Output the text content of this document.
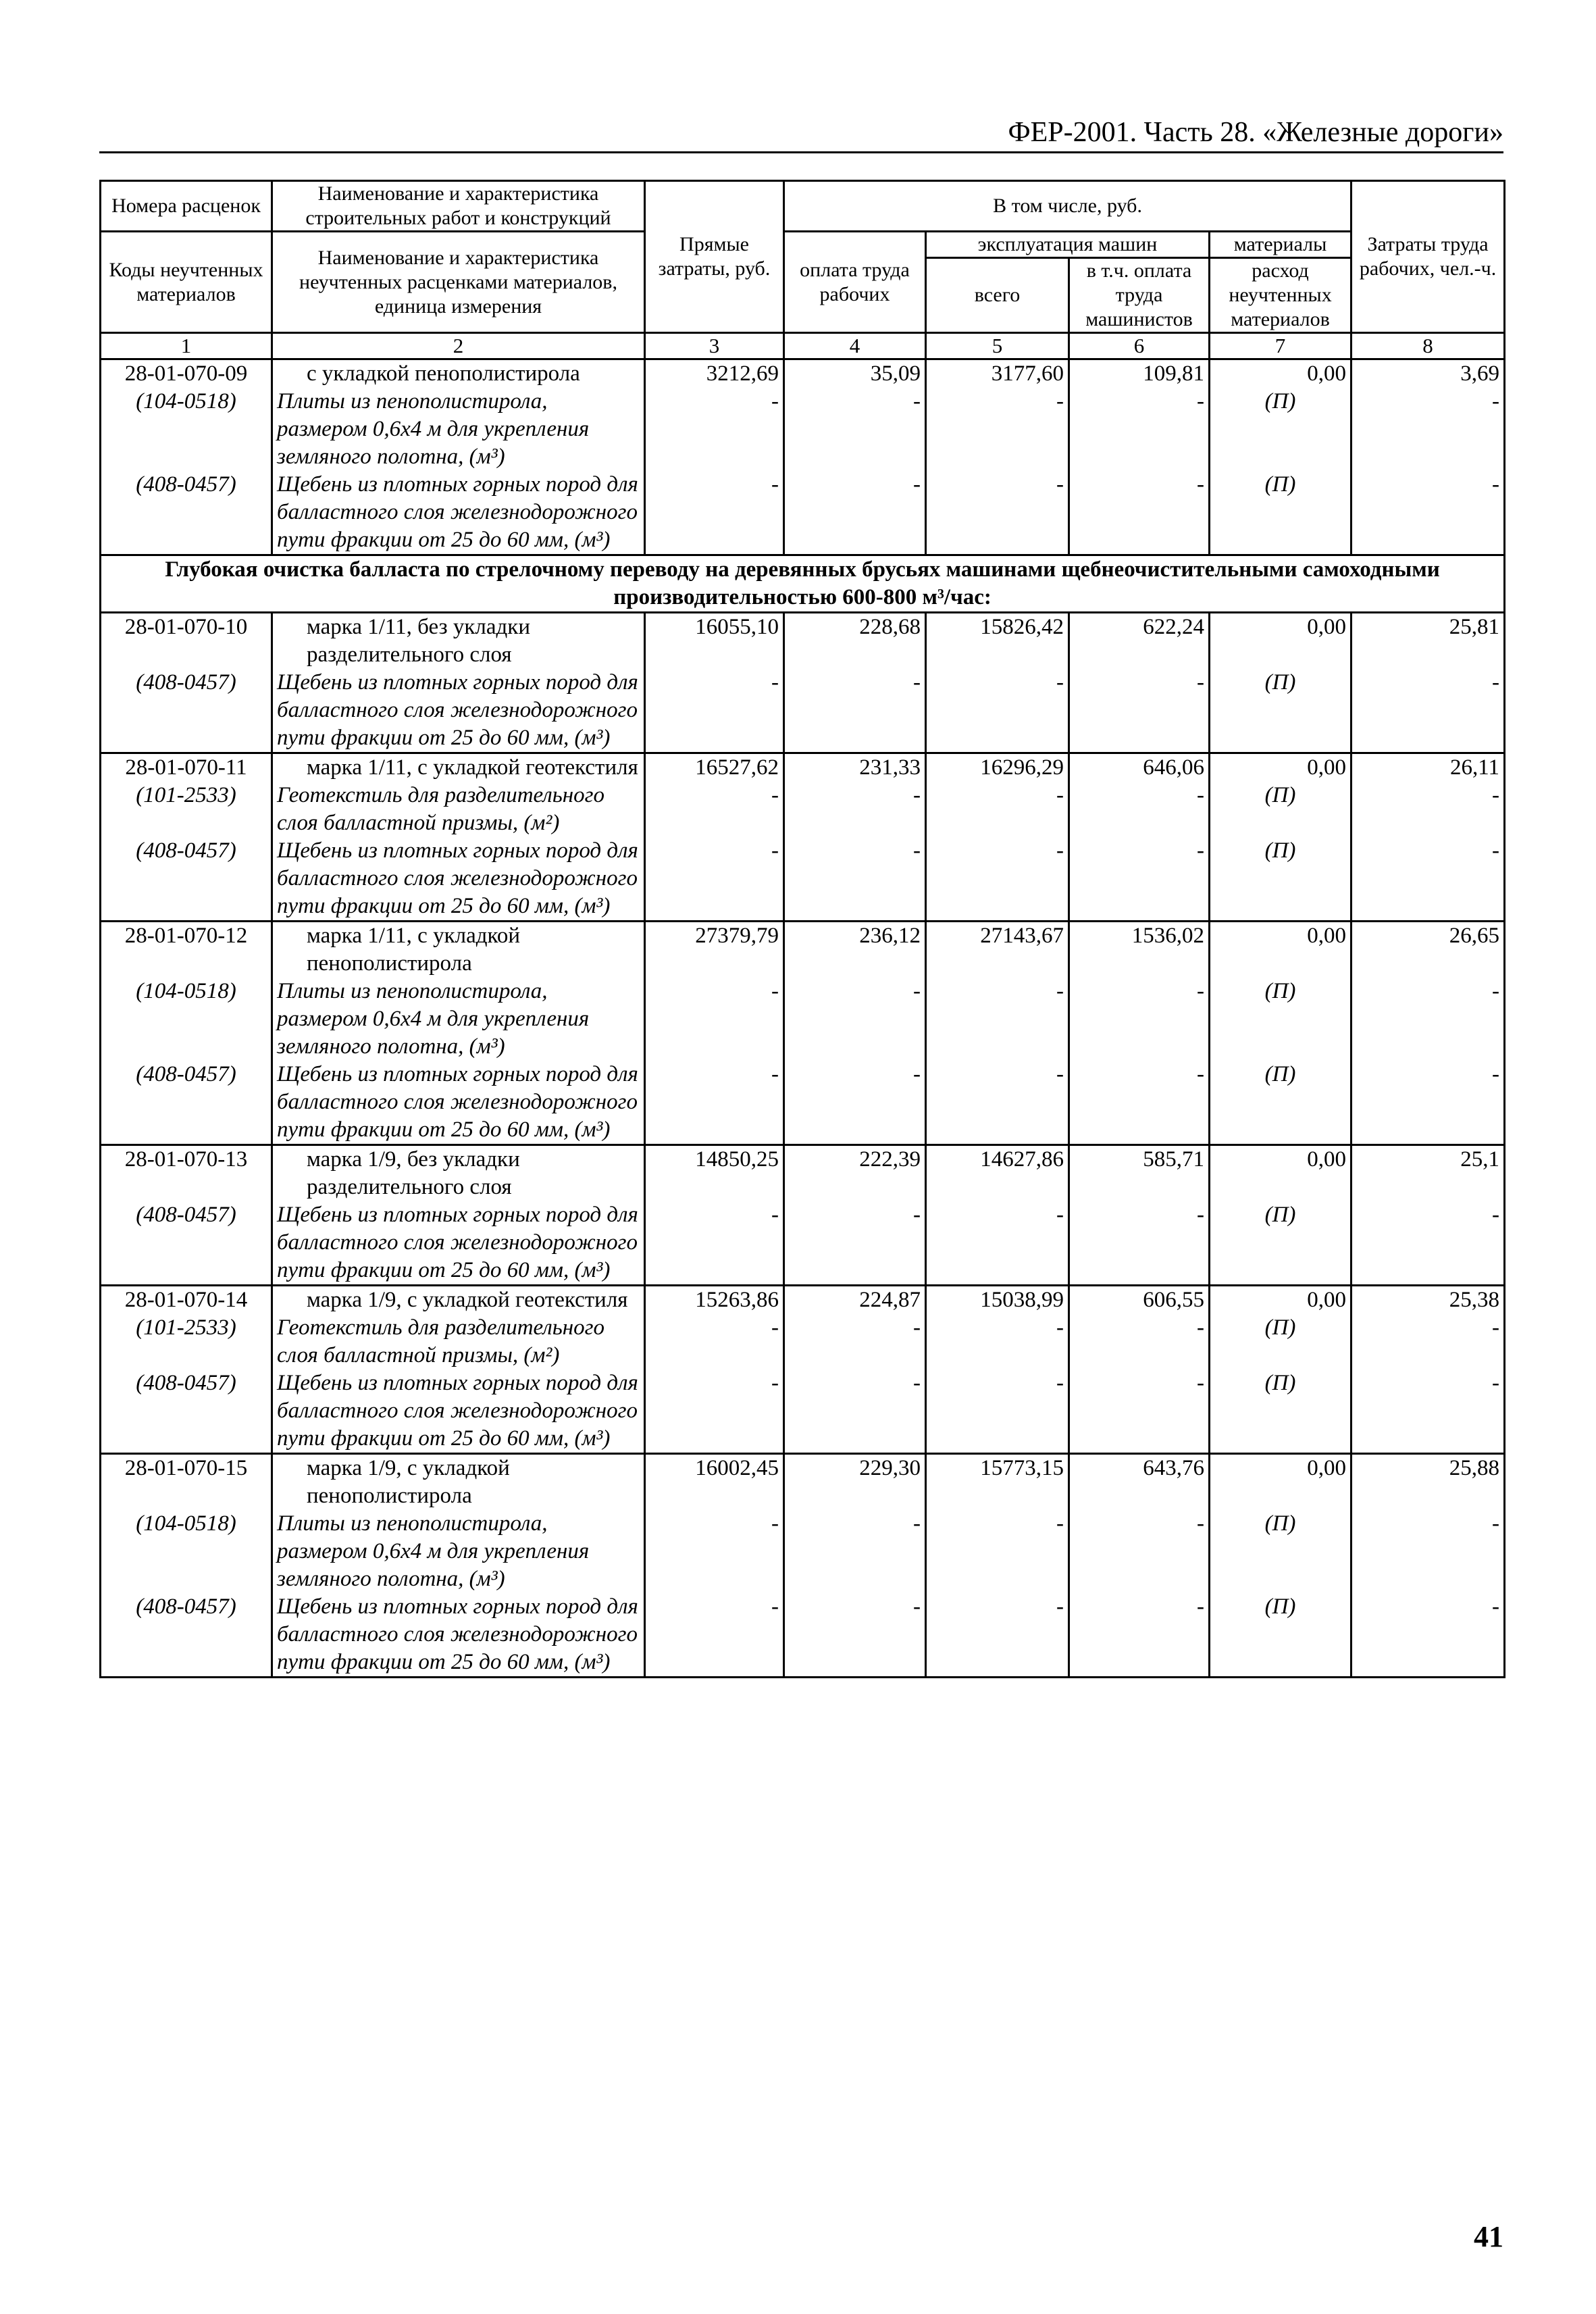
ФЕР-2001. Часть 28. «Железные дороги»
Номера расценок	Наименование и характеристика строительных работ и конструкций	Прямые затраты, руб.	В том числе, руб.				Затраты труда рабочих, чел.-ч.
Коды неучтенных материалов	Наименование и характеристика неучтенных расценками материалов, единица измерения		оплата труда рабочих	эксплуатация машин		материалы	
				всего	в т.ч. оплата труда машинистов	расход неучтенных материалов	
1	2	3	4	5	6	7	8
28-01-070-09	с укладкой пенополистирола	3212,69	35,09	3177,60	109,81	0,00	3,69
(104-0518)	Плиты из пенополистирола, размером 0,6х4 м для укрепления земляного полотна, (м³)	-	-	-	-	(П)	-
(408-0457)	Щебень из плотных горных пород для балластного слоя железнодорожного пути фракции от 25 до 60 мм, (м³)	-	-	-	-	(П)	-
Глубокая очистка балласта по стрелочному переводу на деревянных брусьях машинами щебнеочистительными самоходными производительностью 600-800 м³/час:							
28-01-070-10	марка 1/11, без укладки разделительного слоя	16055,10	228,68	15826,42	622,24	0,00	25,81
(408-0457)	Щебень из плотных горных пород для балластного слоя железнодорожного пути фракции от 25 до 60 мм, (м³)	-	-	-	-	(П)	-
28-01-070-11	марка 1/11, с укладкой геотекстиля	16527,62	231,33	16296,29	646,06	0,00	26,11
(101-2533)	Геотекстиль для разделительного слоя балластной призмы, (м²)	-	-	-	-	(П)	-
(408-0457)	Щебень из плотных горных пород для балластного слоя железнодорожного пути фракции от 25 до 60 мм, (м³)	-	-	-	-	(П)	-
28-01-070-12	марка 1/11, с укладкой пенополистирола	27379,79	236,12	27143,67	1536,02	0,00	26,65
(104-0518)	Плиты из пенополистирола, размером 0,6х4 м для укрепления земляного полотна, (м³)	-	-	-	-	(П)	-
(408-0457)	Щебень из плотных горных пород для балластного слоя железнодорожного пути фракции от 25 до 60 мм, (м³)	-	-	-	-	(П)	-
28-01-070-13	марка 1/9, без укладки разделительного слоя	14850,25	222,39	14627,86	585,71	0,00	25,1
(408-0457)	Щебень из плотных горных пород для балластного слоя железнодорожного пути фракции от 25 до 60 мм, (м³)	-	-	-	-	(П)	-
28-01-070-14	марка 1/9, с укладкой геотекстиля	15263,86	224,87	15038,99	606,55	0,00	25,38
(101-2533)	Геотекстиль для разделительного слоя балластной призмы, (м²)	-	-	-	-	(П)	-
(408-0457)	Щебень из плотных горных пород для балластного слоя железнодорожного пути фракции от 25 до 60 мм, (м³)	-	-	-	-	(П)	-
28-01-070-15	марка 1/9, с укладкой пенополистирола	16002,45	229,30	15773,15	643,76	0,00	25,88
(104-0518)	Плиты из пенополистирола, размером 0,6х4 м для укрепления земляного полотна, (м³)	-	-	-	-	(П)	-
(408-0457)	Щебень из плотных горных пород для балластного слоя железнодорожного пути фракции от 25 до 60 мм, (м³)	-	-	-	-	(П)	-
41
